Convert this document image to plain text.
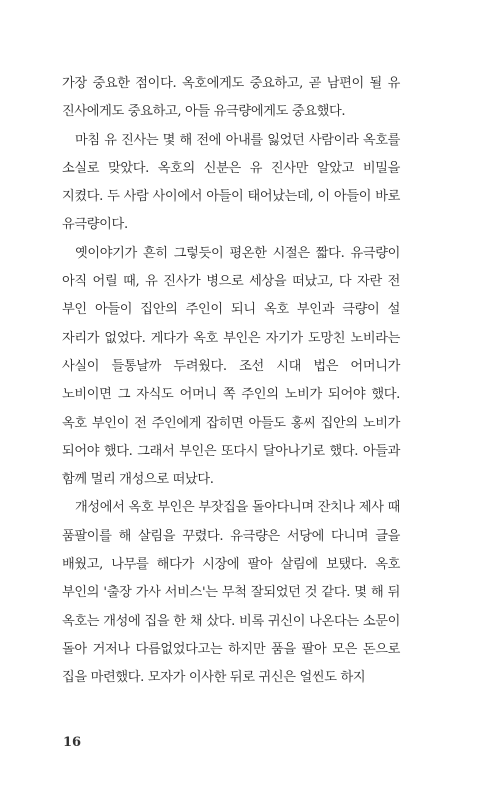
가장 중요한 점이다. 옥호에게도 중요하고, 곧 남편이 될 유 진사에게도 중요하고, 아들 유극량에게도 중요했다.

마침 유 진사는 몇 해 전에 아내를 잃었던 사람이라 옥호를 소실로 맞았다. 옥호의 신분은 유 진사만 알았고 비밀을 지켰다. 두 사람 사이에서 아들이 태어났는데, 이 아들이 바로 유극량이다.

옛이야기가 흔히 그렇듯이 평온한 시절은 짧다. 유극량이 아직 어릴 때, 유 진사가 병으로 세상을 떠났고, 다 자란 전 부인 아들이 집안의 주인이 되니 옥호 부인과 극량이 설 자리가 없었다. 게다가 옥호 부인은 자기가 도망친 노비라는 사실이 들통날까 두려웠다. 조선 시대 법은 어머니가 노비이면 그 자식도 어머니 쪽 주인의 노비가 되어야 했다. 옥호 부인이 전 주인에게 잡히면 아들도 홍씨 집안의 노비가 되어야 했다. 그래서 부인은 또다시 달아나기로 했다. 아들과 함께 멀리 개성으로 떠났다.

개성에서 옥호 부인은 부잣집을 돌아다니며 잔치나 제사 때 품팔이를 해 살림을 꾸렸다. 유극량은 서당에 다니며 글을 배웠고, 나무를 해다가 시장에 팔아 살림에 보탰다. 옥호 부인의 '출장 가사 서비스'는 무척 잘되었던 것 같다. 몇 해 뒤 옥호는 개성에 집을 한 채 샀다. 비록 귀신이 나온다는 소문이 돌아 거저나 다름없었다고는 하지만 품을 팔아 모은 돈으로 집을 마련했다. 모자가 이사한 뒤로 귀신은 얼씬도 하지

16
